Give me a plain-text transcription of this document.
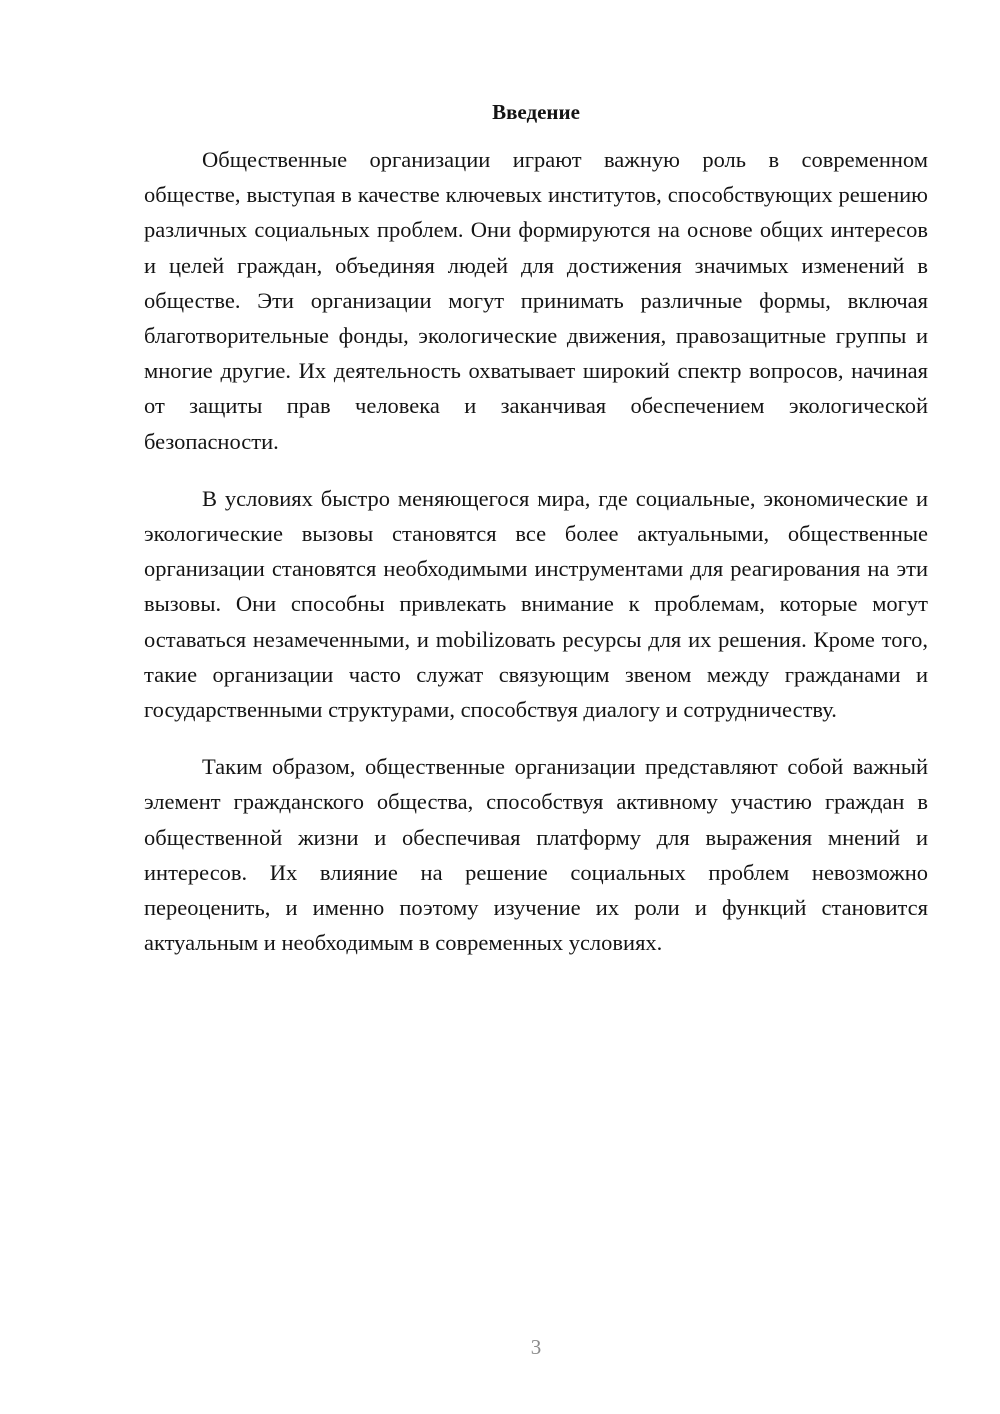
Введение

Общественные организации играют важную роль в современном обществе, выступая в качестве ключевых институтов, способствующих решению различных социальных проблем. Они формируются на основе общих интересов и целей граждан, объединяя людей для достижения значимых изменений в обществе. Эти организации могут принимать различные формы, включая благотворительные фонды, экологические движения, правозащитные группы и многие другие. Их деятельность охватывает широкий спектр вопросов, начиная от защиты прав человека и заканчивая обеспечением экологической безопасности.

В условиях быстро меняющегося мира, где социальные, экономические и экологические вызовы становятся все более актуальными, общественные организации становятся необходимыми инструментами для реагирования на эти вызовы. Они способны привлекать внимание к проблемам, которые могут оставаться незамеченными, и mobilizовать ресурсы для их решения. Кроме того, такие организации часто служат связующим звеном между гражданами и государственными структурами, способствуя диалогу и сотрудничеству.

Таким образом, общественные организации представляют собой важный элемент гражданского общества, способствуя активному участию граждан в общественной жизни и обеспечивая платформу для выражения мнений и интересов. Их влияние на решение социальных проблем невозможно переоценить, и именно поэтому изучение их роли и функций становится актуальным и необходимым в современных условиях.

3
